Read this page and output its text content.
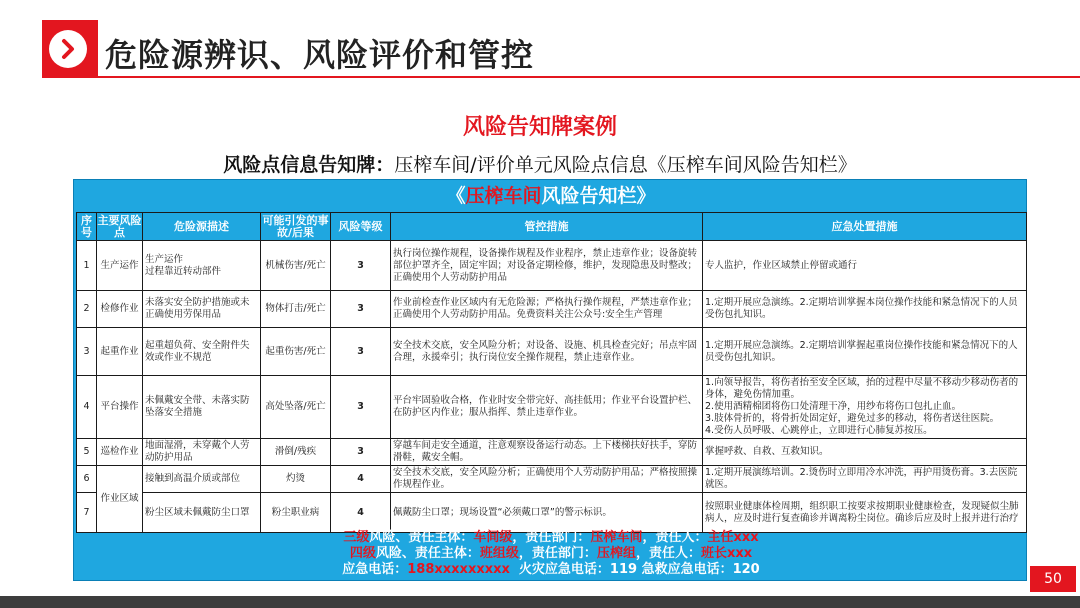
危险源辨识、风险评价和管控
风险告知牌案例
风险点信息告知牌：压榨车间/评价单元风险点信息《压榨车间风险告知栏》
《压榨车间风险告知栏》
序号	主要风险点	危险源描述	可能引发的事故/后果	风险等级	管控措施	应急处置措施
1	生产运作	生产运作
过程靠近转动部件	机械伤害/死亡	3	执行岗位操作规程，设备操作规程及作业程序，禁止违章作业；设备旋转部位护罩齐全，固定牢固；对设备定期检修，维护，发现隐患及时整改；正确使用个人劳动防护用品	专人监护，作业区域禁止停留或通行
2	检修作业	未落实安全防护措施或未正确使用劳保用品	物体打击/死亡	3	作业前检查作业区域内有无危险源；严格执行操作规程，严禁违章作业；正确使用个人劳动防护用品。免费资料关注公众号:安全生产管理	1.定期开展应急演练。2.定期培训掌握本岗位操作技能和紧急情况下的人员受伤包扎知识。
3	起重作业	起重超负荷、安全附件失效或作业不规范	起重伤害/死亡	3	安全技术交底，安全风险分析；对设备、设施、机具检查完好；吊点牢固合理，永援牵引；执行岗位安全操作规程，禁止违章作业。	1.定期开展应急演练。2.定期培训掌握起重岗位操作技能和紧急情况下的人员受伤包扎知识。
4	平台操作	未佩戴安全带、未落实防坠落安全措施	高处坠落/死亡	3	平台牢固验收合格，作业时安全带完好、高挂低用；作业平台设置护栏、在防护区内作业；服从指挥、禁止违章作业。	1.向领导报告，将伤者抬至安全区域，抬的过程中尽量不移动少移动伤者的身体，避免伤情加重。
2.使用酒精棉团将伤口处清理干净，用纱布将伤口包扎止血。
3.肢体骨折的，将骨折处固定好，避免过多的移动，将伤者送往医院。
4.受伤人员呼吸、心跳停止，立即进行心肺复苏按压。
5	巡检作业	地面湿滑，未穿戴个人劳动防护用品	滑倒/残疾	3	穿越车间走安全通道，注意观察设备运行动态。上下楼梯扶好扶手，穿防滑鞋，戴安全帽。	掌握呼救、自救、互救知识。
6	作业区域	接触到高温介质或部位	灼烫	4	安全技术交底，安全风险分析；正确使用个人劳动防护用品；严格按照操作规程作业。	1.定期开展演练培训。2.烫伤时立即用冷水冲洗，再护用烫伤膏。3.去医院就医。
7		粉尘区域未佩戴防尘口罩	粉尘职业病	4	佩戴防尘口罩；现场设置“必须戴口罩”的警示标识。	按照职业健康体检周期，组织职工按要求按期职业健康检查，发现疑似尘肺病人，应及时进行复查确诊并调离粉尘岗位。确诊后应及时上报并进行治疗
三级风险、责任主体：车间级，责任部门：压榨车间，责任人：主任xxx
四级风险、责任主体：班组级，责任部门：压榨组，责任人：班长xxx
应急电话：188xxxxxxxxx  火灾应急电话：119 急救应急电话：120
50
